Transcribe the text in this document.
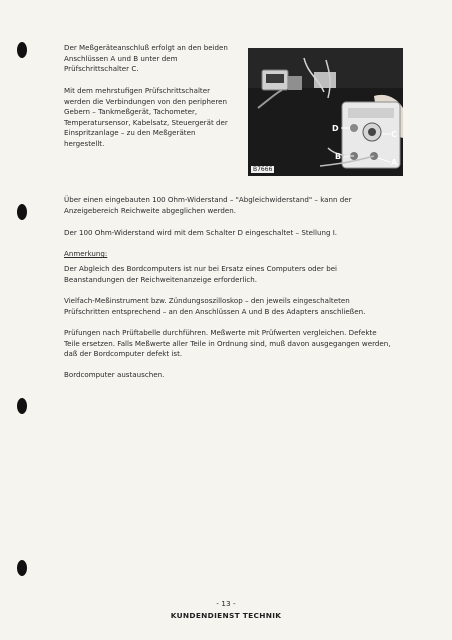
Der Meßgeräteanschluß erfolgt an den beiden Anschlüssen A und B unter dem Prüfschrittschalter C.
Mit dem mehrstufigen Prüfschrittschalter werden die Verbindungen von den peripheren Gebern – Tankmeßgerät, Tachometer, Temperatursensor, Kabelsatz, Steuergerät der Einspritzanlage – zu den Meßgeräten hergestellt.
D
C
B
A
B7666
Über einen eingebauten 100 Ohm-Widerstand – "Abgleichwiderstand" – kann der Anzeigebereich Reichweite abgeglichen werden.
Der 100 Ohm-Widerstand wird mit dem Schalter D eingeschaltet – Stellung I.
Anmerkung:
Der Abgleich des Bordcomputers ist nur bei Ersatz eines Computers oder bei Beanstandungen der Reichweitenanzeige erforderlich.
Vielfach-Meßinstrument bzw. Zündungsoszilloskop – den jeweils eingeschalteten Prüfschritten entsprechend – an den Anschlüssen A und B des Adapters anschließen.
Prüfungen nach Prüftabelle durchführen. Meßwerte mit Prüfwerten vergleichen. Defekte Teile ersetzen. Falls Meßwerte aller Teile in Ordnung sind, muß davon ausgegangen werden, daß der Bordcomputer defekt ist.
Bordcomputer austauschen.
- 13 -
KUNDENDIENST TECHNIK
